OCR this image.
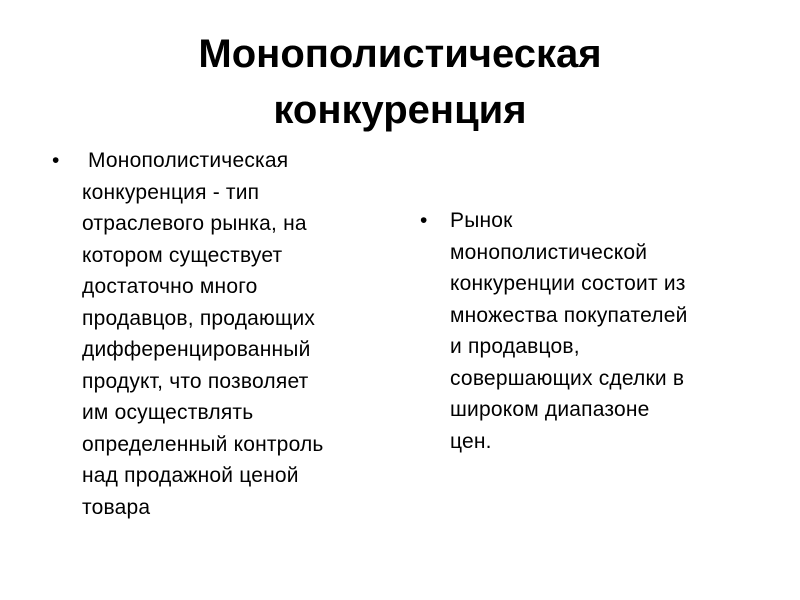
Монополистическая
конкуренция
•	Монополистическая
конкуренция - тип
отраслевого рынка, на
котором существует
достаточно много
продавцов, продающих
дифференцированный
продукт, что позволяет
им осуществлять
определенный контроль
над продажной ценой
товара
•	Рынок
монополистической
конкуренции состоит из
множества покупателей
и продавцов,
совершающих сделки в
широком диапазоне
цен.
